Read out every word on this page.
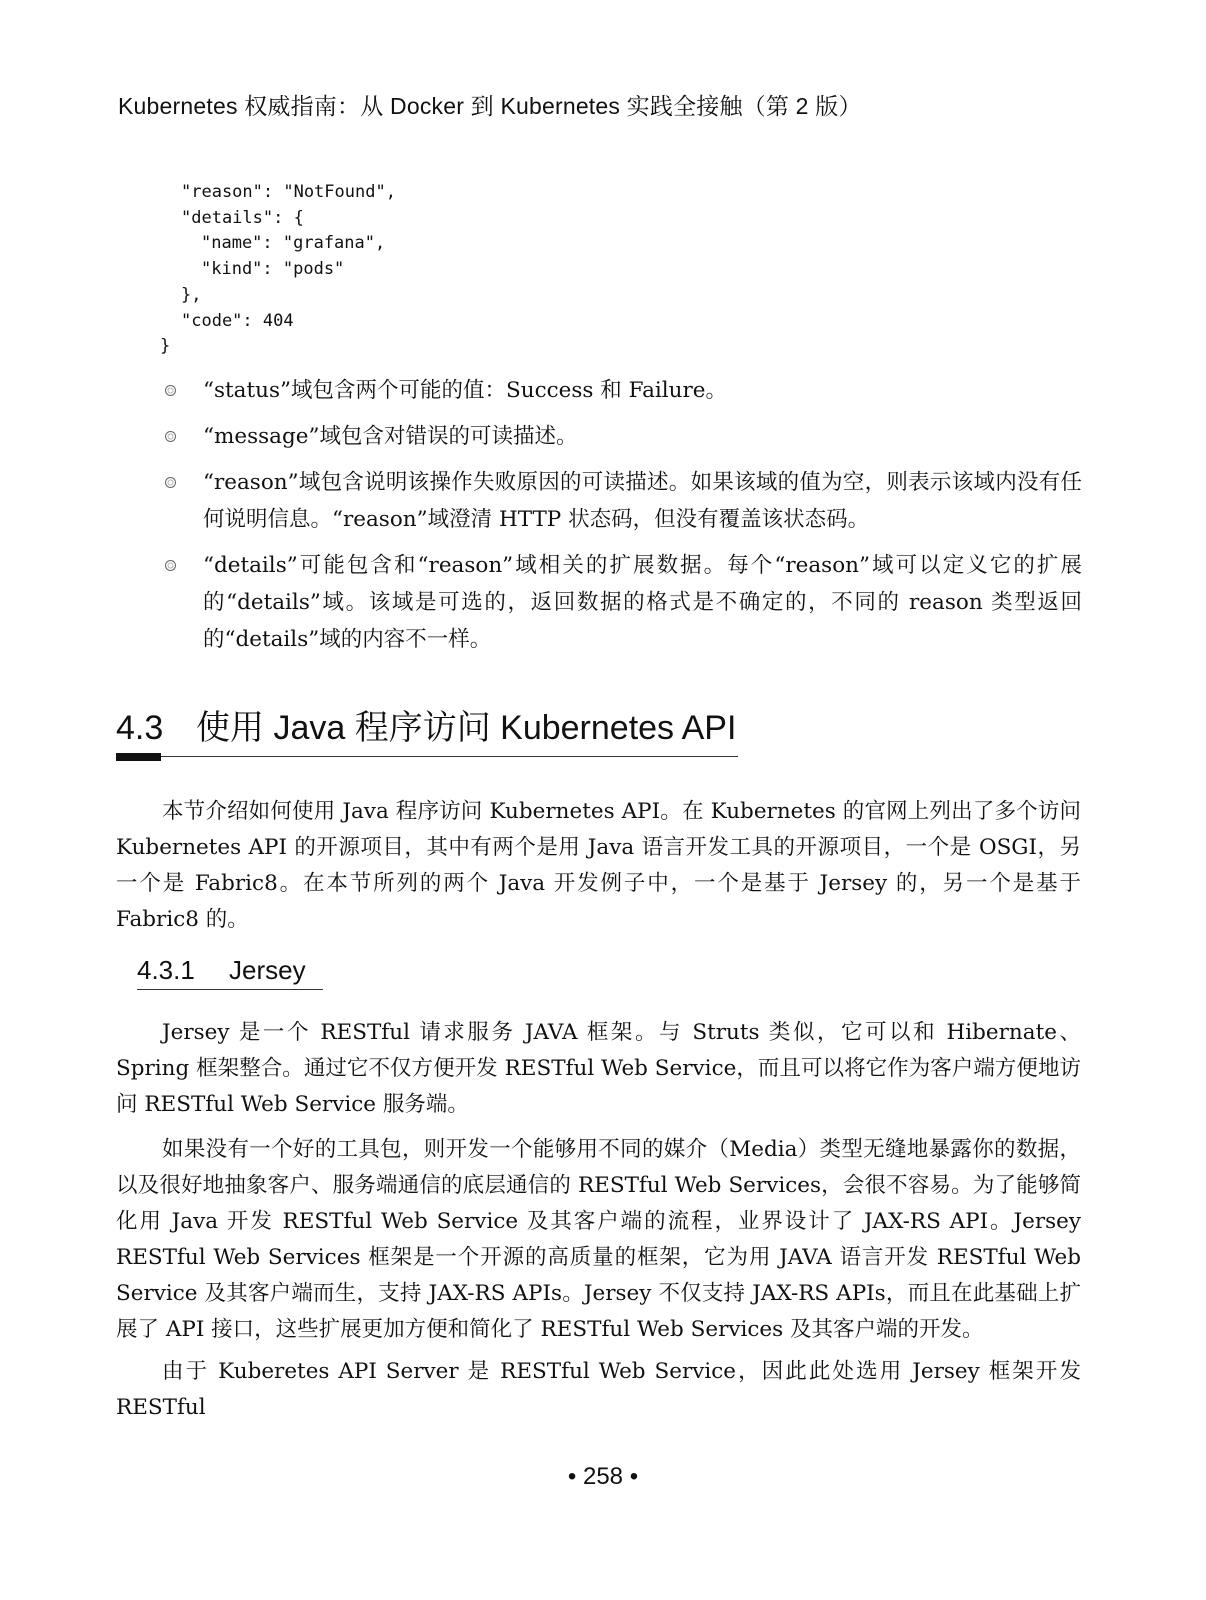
Kubernetes 权威指南：从 Docker 到 Kubernetes 实践全接触（第 2 版）
"reason": "NotFound",
"details": {
"name": "grafana",
"kind": "pods"
},
"code": 404
}
“status”域包含两个可能的值：Success 和 Failure。
“message”域包含对错误的可读描述。
“reason”域包含说明该操作失败原因的可读描述。如果该域的值为空，则表示该域内没有任何说明信息。“reason”域澄清 HTTP 状态码，但没有覆盖该状态码。
“details”可能包含和“reason”域相关的扩展数据。每个“reason”域可以定义它的扩展的“details”域。该域是可选的，返回数据的格式是不确定的，不同的 reason 类型返回的“details”域的内容不一样。
4.3 使用 Java 程序访问 Kubernetes API

本节介绍如何使用 Java 程序访问 Kubernetes API。在 Kubernetes 的官网上列出了多个访问 Kubernetes API 的开源项目，其中有两个是用 Java 语言开发工具的开源项目，一个是 OSGI，另一个是 Fabric8。在本节所列的两个 Java 开发例子中，一个是基于 Jersey 的，另一个是基于 Fabric8 的。

4.3.1 Jersey

Jersey 是一个 RESTful 请求服务 JAVA 框架。与 Struts 类似，它可以和 Hibernate、Spring 框架整合。通过它不仅方便开发 RESTful Web Service，而且可以将它作为客户端方便地访问 RESTful Web Service 服务端。

如果没有一个好的工具包，则开发一个能够用不同的媒介（Media）类型无缝地暴露你的数据，以及很好地抽象客户、服务端通信的底层通信的 RESTful Web Services，会很不容易。为了能够简化用 Java 开发 RESTful Web Service 及其客户端的流程，业界设计了 JAX-RS API。Jersey RESTful Web Services 框架是一个开源的高质量的框架，它为用 JAVA 语言开发 RESTful Web Service 及其客户端而生，支持 JAX-RS APIs。Jersey 不仅支持 JAX-RS APIs，而且在此基础上扩展了 API 接口，这些扩展更加方便和简化了 RESTful Web Services 及其客户端的开发。

由于 Kuberetes API Server 是 RESTful Web Service，因此此处选用 Jersey 框架开发 RESTful

• 258 •
